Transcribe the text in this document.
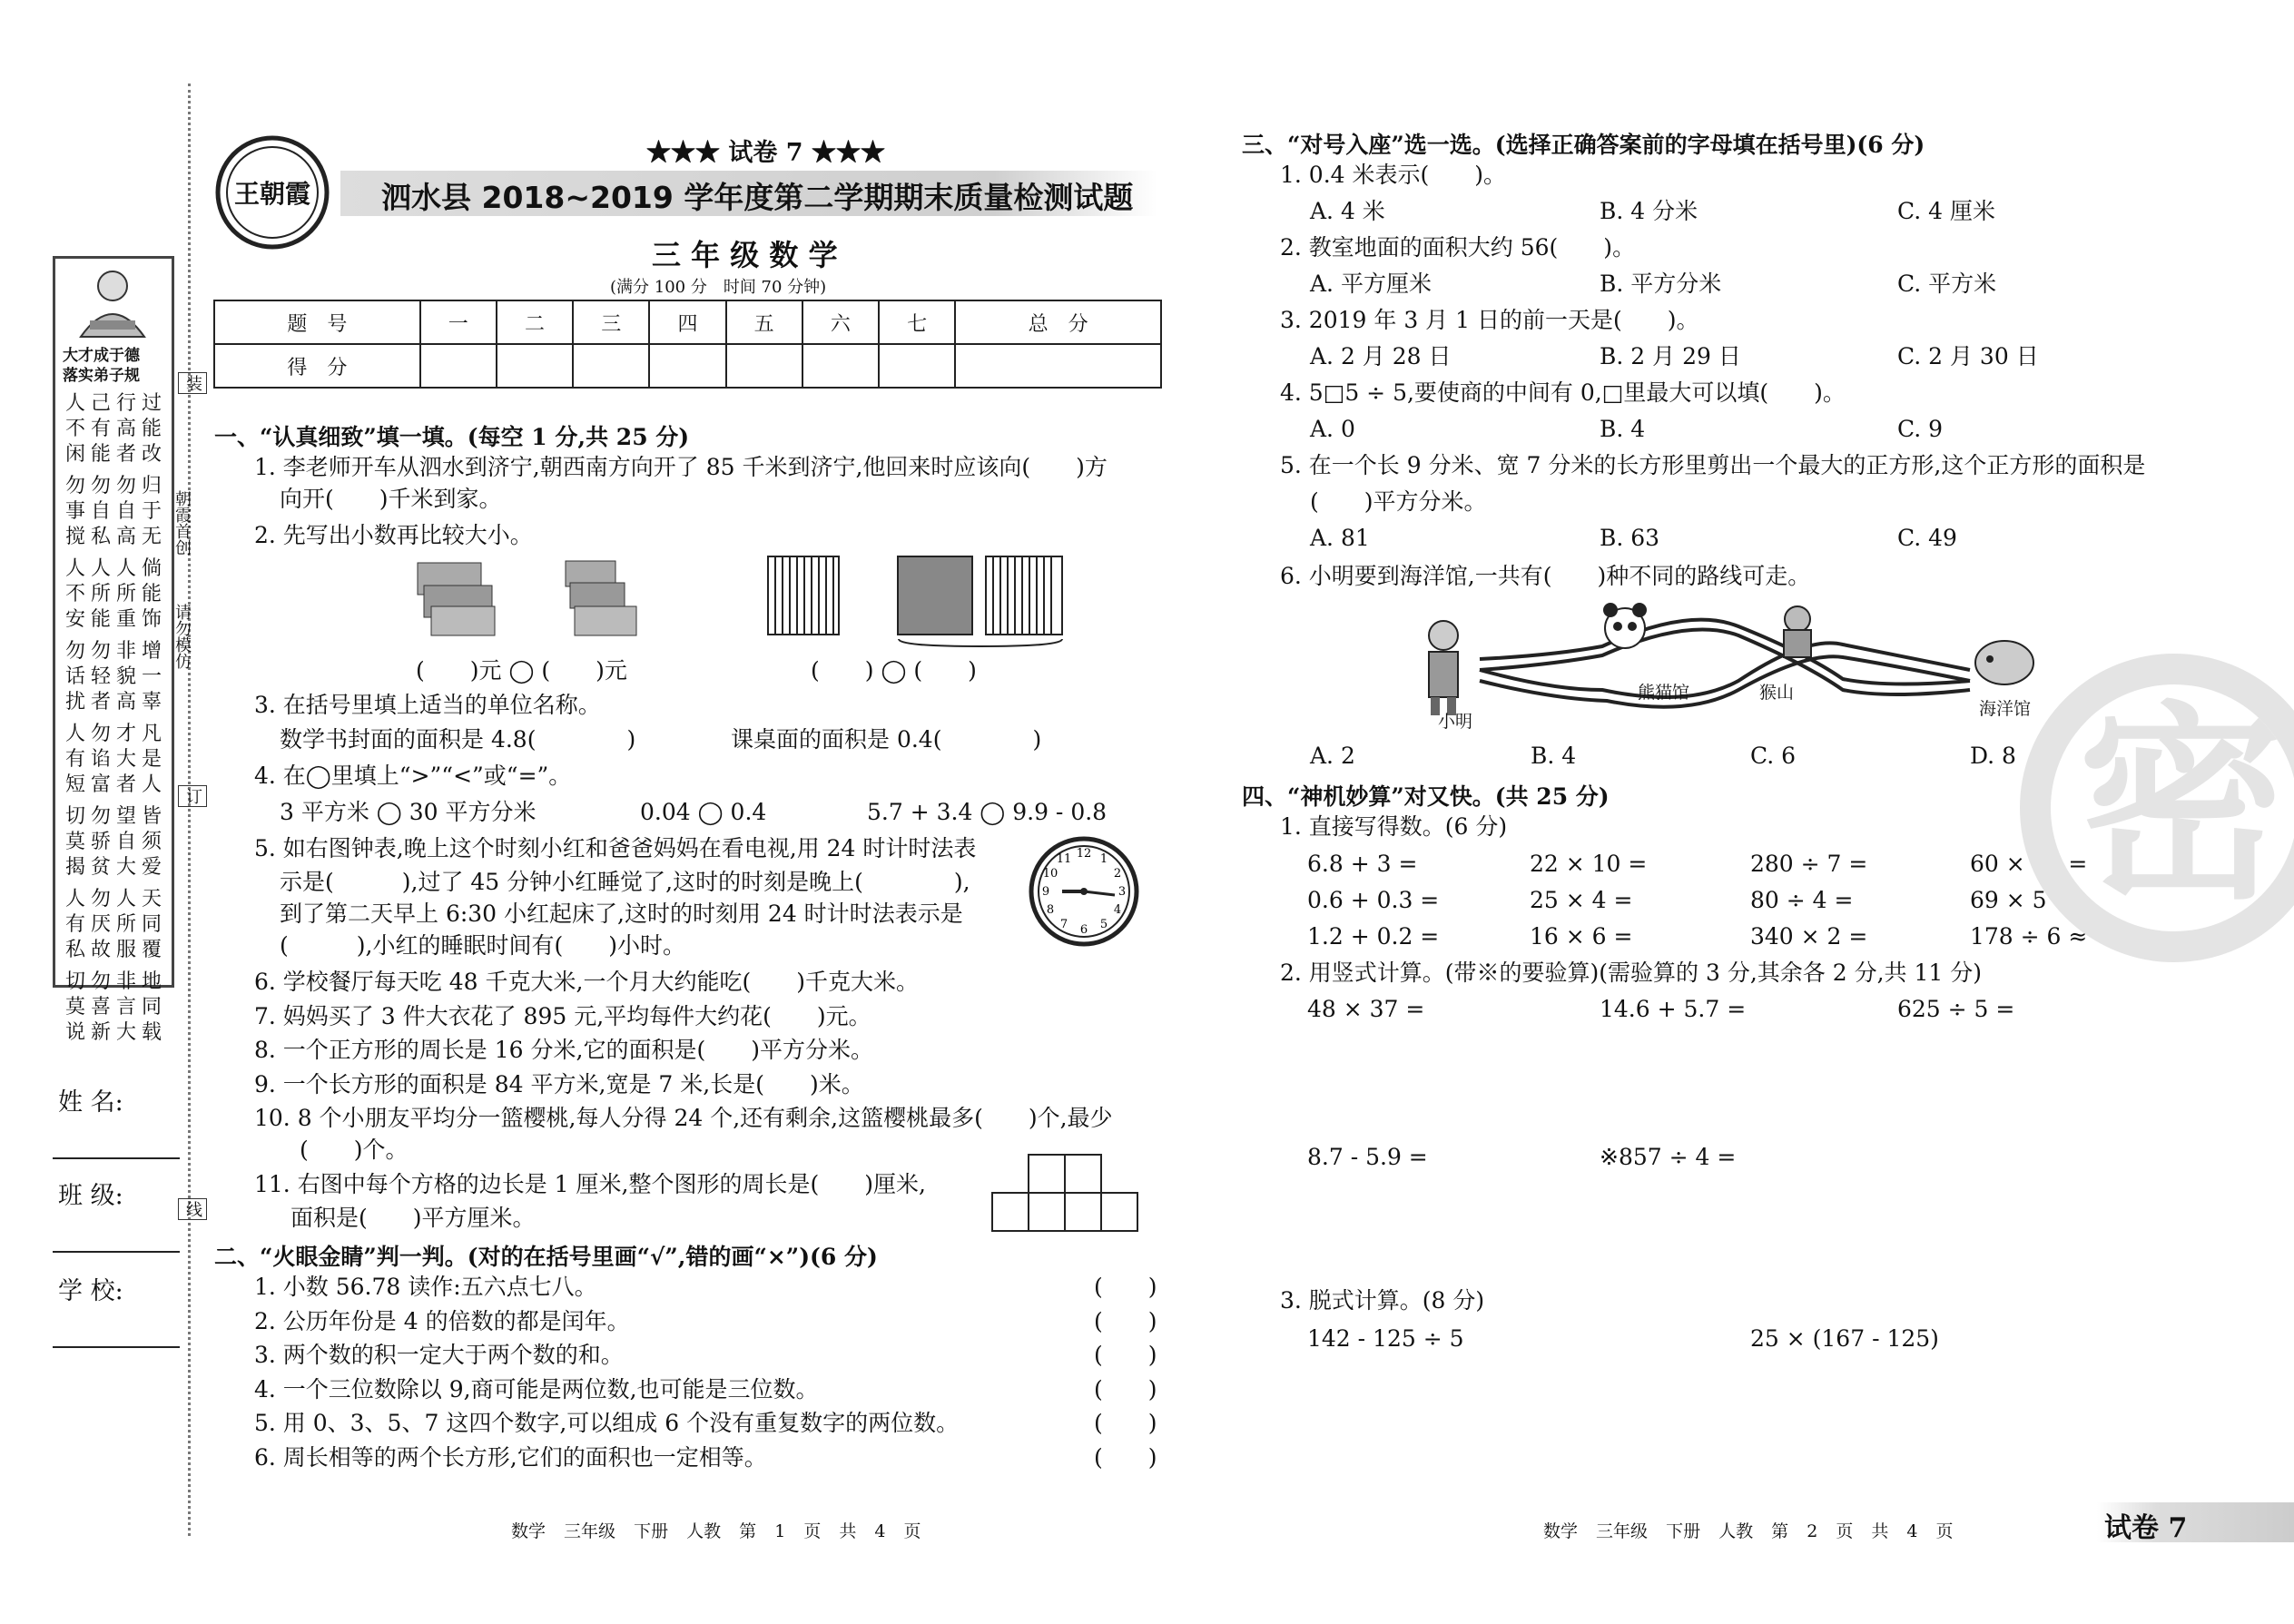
大才成于德
落实弟子规
人 己 行 过
不 有 高 能
闲 能 者 改
勿 勿 勿 归
事 自 自 于
搅 私 高 无
人 人 人 倘
不 所 所 能
安 能 重 饰
勿 勿 非 增
话 轻 貌 一
扰 者 高 辜
人 勿 才 凡
有 谄 大 是
短 富 者 人
切 勿 望 皆
莫 骄 自 须
揭 贫 大 爱
人 勿 人 天
有 厌 所 同
私 故 服 覆
切 勿 非 地
莫 喜 言 同
说 新 大 载
朝霞首创
请勿模仿
装
订
线
姓 名:
班 级:
学 校:
王朝霞
★★★ 试卷 7 ★★★
泗水县 2018~2019 学年度第二学期期末质量检测试题
三 年 级 数 学
(满分 100 分　时间 70 分钟)
题　号	一	二	三	四	五	六	七	总　分
得　分								
一、“认真细致”填一填。(每空 1 分,共 25 分)
1. 李老师开车从泗水到济宁,朝西南方向开了 85 千米到济宁,他回来时应该向(　　)方
向开(　　)千米到家。
2. 先写出小数再比较大小。
(　　)元 ◯ (　　)元	(　　) ◯ (　　)
3. 在括号里填上适当的单位名称。
数学书封面的面积是 4.8(　　　　)	课桌面的面积是 0.4(　　　　)
4. 在◯里填上“>”“<”或“=”。
3 平方米 ◯ 30 平方分米	0.04 ◯ 0.4	5.7 + 3.4 ◯ 9.9 - 0.8
5. 如右图钟表,晚上这个时刻小红和爸爸妈妈在看电视,用 24 时计时法表
示是(　　　),过了 45 分钟小红睡觉了,这时的时刻是晚上(　　　　),
到了第二天早上 6:30 小红起床了,这时的时刻用 24 时计时法表示是
(　　　),小红的睡眠时间有(　　)小时。
12 1
2
3
4
5
6
7
8
9
10
11
6. 学校餐厅每天吃 48 千克大米,一个月大约能吃(　　)千克大米。
7. 妈妈买了 3 件大衣花了 895 元,平均每件大约花(　　)元。
8. 一个正方形的周长是 16 分米,它的面积是(　　)平方分米。
9. 一个长方形的面积是 84 平方米,宽是 7 米,长是(　　)米。
10. 8 个小朋友平均分一篮樱桃,每人分得 24 个,还有剩余,这篮樱桃最多(　　)个,最少
(　　)个。
11. 右图中每个方格的边长是 1 厘米,整个图形的周长是(　　)厘米,
面积是(　　)平方厘米。
二、“火眼金睛”判一判。(对的在括号里画“√”,错的画“×”)(6 分)
1. 小数 56.78 读作:五六点七八。	(　　)
2. 公历年份是 4 的倍数的都是闰年。	(　　)
3. 两个数的积一定大于两个数的和。	(　　)
4. 一个三位数除以 9,商可能是两位数,也可能是三位数。	(　　)
5. 用 0、3、5、7 这四个数字,可以组成 6 个没有重复数字的两位数。	(　　)
6. 周长相等的两个长方形,它们的面积也一定相等。	(　　)
三、“对号入座”选一选。(选择正确答案前的字母填在括号里)(6 分)
1. 0.4 米表示(　　)。
A. 4 米	B. 4 分米	C. 4 厘米
2. 教室地面的面积大约 56(　　)。
A. 平方厘米	B. 平方分米	C. 平方米
3. 2019 年 3 月 1 日的前一天是(　　)。
A. 2 月 28 日	B. 2 月 29 日	C. 2 月 30 日
4. 5□5 ÷ 5,要使商的中间有 0,□里最大可以填(　　)。
A. 0	B. 4	C. 9
5. 在一个长 9 分米、宽 7 分米的长方形里剪出一个最大的正方形,这个正方形的面积是
(　　)平方分米。
A. 81	B. 63	C. 49
6. 小明要到海洋馆,一共有(　　)种不同的路线可走。
小明
熊猫馆	猴山
海洋馆
A. 2	B. 4	C. 6	D. 8
四、“神机妙算”对又快。(共 25 分)
1. 直接写得数。(6 分)
6.8 + 3 =	22 × 10 =	280 ÷ 7 =	60 × 70 =
0.6 + 0.3 =	25 × 4 =	80 ÷ 4 =	69 × 5 ≈
1.2 + 0.2 =	16 × 6 =	340 × 2 =	178 ÷ 6 ≈
2. 用竖式计算。(带※的要验算)(需验算的 3 分,其余各 2 分,共 11 分)
48 × 37 =	14.6 + 5.7 =	625 ÷ 5 =
8.7 - 5.9 =	※857 ÷ 4 =
3. 脱式计算。(8 分)
142 - 125 ÷ 5	25 × (167 - 125)
密
数学 三年级 下册 人教 第 1 页 共 4 页	数学 三年级 下册 人教 第 2 页 共 4 页	试卷 7
